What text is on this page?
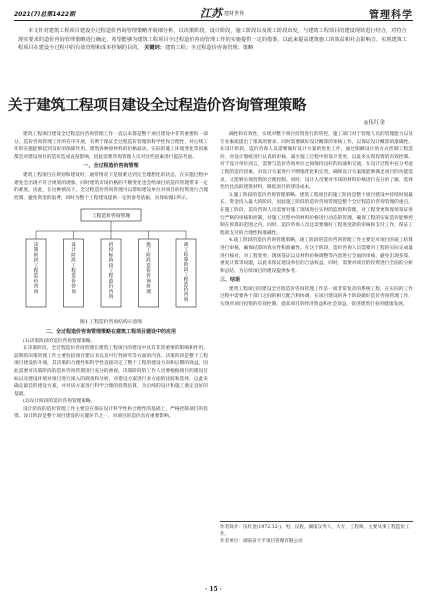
2021(7)总第1422期	江苏 建材世界	管理科学
本文针对建筑工程项目建设全过程造价咨询管理策略开展细分析，以决策阶段，设计阶段，施工阶段以及竣工阶段出发，与建筑工程项目的建设现状进行结合，对符合现实要求的造价咨询管理策略进行确定，希望能够为建筑工程项目全过程造价咨询管理工作的实施提供一定的借鉴，以此来提高建筑施工的效益和社会影响力，实现建筑工程项目在建设全过程中的有效管理和成本控制的目的。 关键词：建筑工程；全过程造价咨询管理；策略
关于建筑工程项目建设全过程造价咨询管理策略
◎伍红金

建筑工程项目建设全过程造价咨询管理工作一直以来都是整个项目建设中非常重要的一部分。造价咨询管理工作的有序开展，有利于保证全过程造价管理的科学性和合理性，对后续工作的实施能够起到良好的保障作用。建筑各种原材料的价格波动、实际的施工环境变化等因素都会对建设项目的造价造成直接影响，因此需要咨询管理人员对这些因素进行提前考虑。

一、全过程造价咨询管理

建筑工程项目在规划和建设时，通常情况下是很难达到完全理想化的状态，在实施过程中难免会出现不符合规划的现象。同时建筑市场价格的不断变化也会给项目的造价管理带来一定的难度。因此，在这种情况下，全过程造价咨询管理可以帮助建设单位对项目的投资进行合理控制，避免资金的浪费，同时为整个工程建设提供一定的参考依据，具体如图1所示。

工程造价咨询管理
决策阶段工程造价咨询
设计阶段工程造价咨询
招投标阶段工程造价咨询
施工阶段造价咨询管理
竣工结算阶段工程造价咨询
图1 工程造价咨询结构示意图
二、全过程造价咨询管理策略在建筑工程项目建设中的应用

(1)决策阶段的造价咨询管理策略。

在决策阶段，全过程造价咨询管理在建筑工程项目的建设中具有非常重要的影响和作用。前期的决策管理工作主要包括项目建议书以及可行性研究等方面的内容。决策阶段是整个工程项目建设的开端，其决策的合理性和科学性直接决定了整个工程的建设方向和后期的效益，因此需要对决策阶段的造价咨询管理进行充分的重视。决策阶段的工作人员要根据项目的建设目标以及建设环境对项目进行深入的调查和分析，对建设方案进行多方面的比较和选择，以此来确定最佳的建设方案，并对该方案进行科学合理的投资估算，为后续的设计和施工奠定良好的基础。

(2)设计阶段的造价咨询管理策略。

设计阶段的造价管理工作主要是在保证设计科学性和合理性的基础上，严格控制项目的投资。设计阶段是整个项目建设的关键环节之一，对项目的造价具有重要影响。

确性和有效性，实现对整个项目投资进行的管控，施工部门对于管理人员的管理能力以及专业素质提出了很高的要求，同时需要做好设计概算的审核工作，以保证设计概算的准确性。在设计阶段，造价咨询人员需要做好设计方案的优化工作，通过限额设计的方式控制工程造价，对设计图纸进行认真的审核，减少施工过程中的设计变更，以此来实现投资的有效控制。对于设计单位而言，需要与造价咨询单位之间保持良好的沟通和交流，在设计过程中充分考虑工程的造价因素，对设计方案进行不断地优化和完善，确保设计方案既能够满足项目的功能需求，又能够实现投资的合理控制。同时，设计人员要对市场的材料价格进行充分的了解，选择性价比高的建筑材料，降低项目的建设成本。

3.施工阶段的造价咨询管理策略。建筑工程项目的施工阶段是整个项目建设中持续时间最长、资金投入最大的阶段，因此施工阶段的造价咨询管理是整个全过程造价咨询管理的重点。在施工阶段，造价咨询人员需要对施工现场进行实时的监督和管理，对工程变更和现场签证进行严格的审核和控制，对施工过程中的材料价格进行动态的管理，确保工程的实际造价能够控制在预算的范围之内。同时，造价咨询人员还需要做好工程进度款的审核和支付工作，保证工程款支付的合理性和准确性。

4.竣工阶段的造价咨询管理策略。竣工阶段的造价咨询管理工作主要是对项目的竣工结算进行审核，确保结算的真实性和准确性。在这个阶段，造价咨询人员需要对工程的实际完成量进行核对，对工程变更、现场签证以及材料价格调整等内容进行全面的审核，避免出现多算、重复计算等问题，以此来保证建设单位的合法权益。同时，需要对项目的投资进行全面的分析和总结，为后续项目的建设提供参考。

三、结语

建筑工程项目的建设全过程造价咨询管理工作是一项非常复杂的系统工程，在实际的工作过程中需要各个部门之间的相互配合和协调，在项目建设的各个阶段做好造价咨询管理工作，实现对项目投资的有效控制，提高项目的经济效益和社会效益，促进建筑行业的健康发展。

作者简介：伍红金(1972.12-)，男，汉族，湖南汉寿人，大专，工程师，主要从事工程造价工作。
作者单位：湖南省天平项目管理有限公司
· 15 ·
